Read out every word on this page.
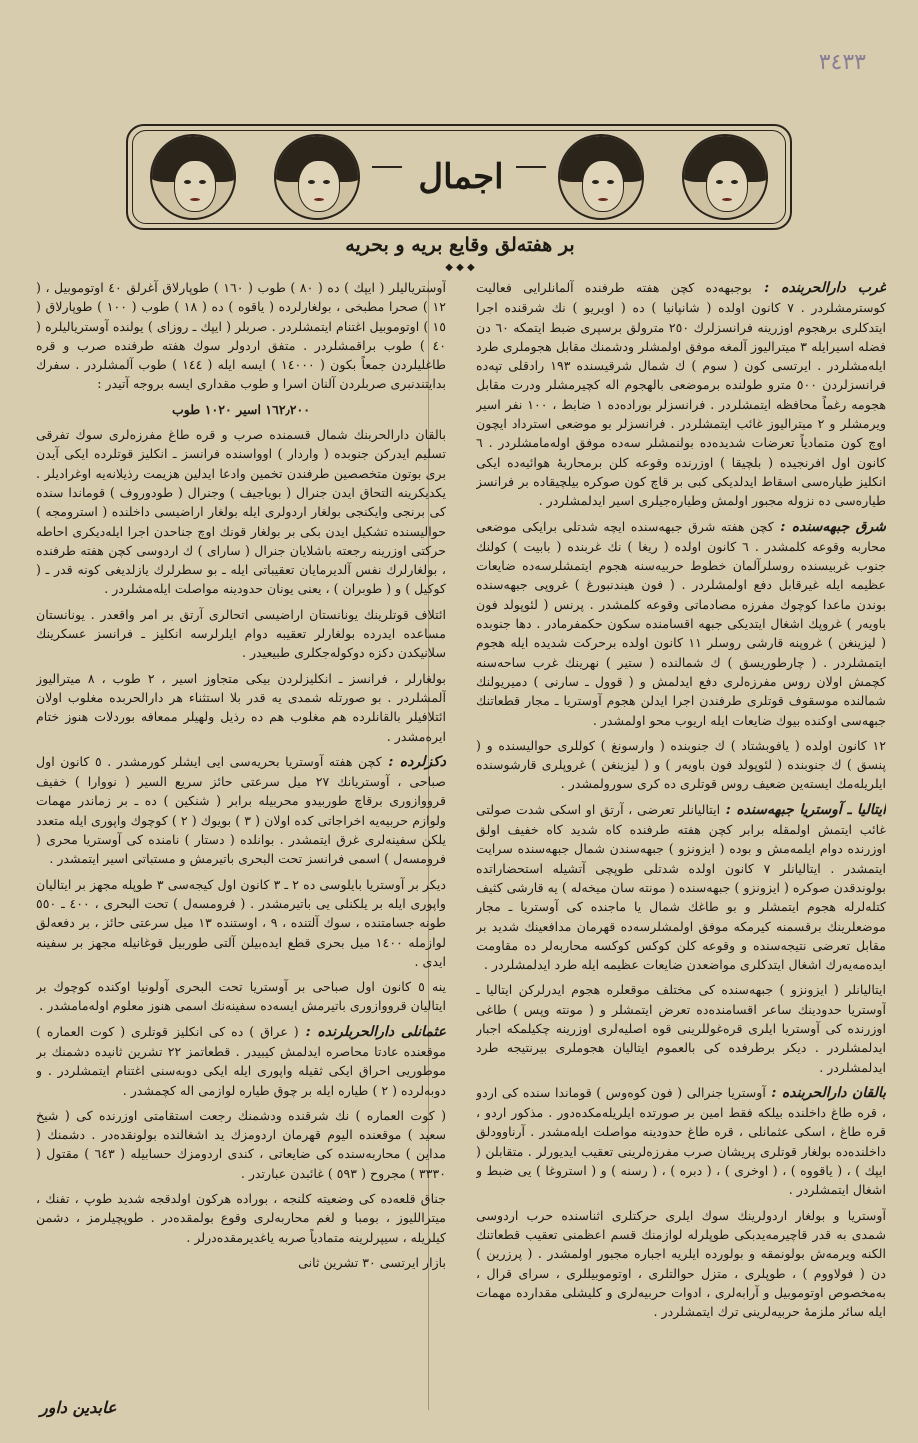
٣٤٣٣
اجمال
بر هفته‌لق وقايع بريه و بحريه
◆ ◆ ◆

غرب دارالحربنده : بوجبهه‌ده كچن هفته طرفنده آلمانلرايى فعاليت كوسترمشلردر . ٧ كانون اولده ( شانپانيا ) ده ( اوبريو ) نك شرقنده اجرا ايتدكلرى برهجوم اوزرينه فرانسزلرك ٢٥٠ مترولق برسپرى ضبط ايتمكه ٦٠ دن فضله اسيرايله ٣ ميتراليوز آلمغه موفق اولمشلر ودشمنك مقابل هجوملرى طرد ايله‌مشلردر . ايرتسى كون ( سوم ) ك شمال شرقيسنده ١٩٣ رادقلى تپه‌ده فرانسزلردن ٥٠٠ مترو طولنده برموضعى بالهجوم اله كچيرمشلر ودرت مقابل هجومه رغماً محافظه ايتمشلردر . فرانسزلر بوراده‌ده ١ ضابط ، ١٠٠ نفر اسير ويرمشلر و ٢ ميتراليوز غائب ايتمشلردر . فرانسزلر بو موضعى استرداد ايچون اوچ كون متمادياً تعرضات شديده‌ده بولنمشلر سه‌ده موفق اوله‌مامشلردر . ٦ كانون اول افرنجيده ( بلچيقا ) اوزرنده وقوعه كلن برمحاربهٔ هوائيه‌ده ايكى انكليز طياره‌سى اسقاط ايدلديكى كبى بر قاچ كون صوكره بيلچيقاده بر فرانسز طياره‌سى ده نزوله مجبور اولمش وطياره‌جيلرى اسير ايدلمشلردر .

شرق جبهه‌سنده : كچن هفته شرق جبهه‌سنده ايچه شدتلى برايكى موضعى محاربه وقوعه كلمشدر . ٦ كانون اولده ( ريغا ) نك غربنده ( بابيت ) كولنك جنوب غربيسنده روسلرآلمان خطوط حربيه‌سنه هجوم ايتمشلرسه‌ده ضايعات عظيمه ايله غيرقابل دفع اولمشلردر . ( فون هيندنبورغ ) غروپى جبهه‌سنده بوندن ماعدا كوچوك مفرزه مصادماتى وقوعه كلمشدر . پرنس ( لئوپولد فون باويه‌ر ) غروپك اشغال ايتديكى جبهه اقسامنده سكون حكمفرمادر . دها جنوبده ( ليزينغن ) غروپنه قارشى روسلر ١١ كانون اولده برحركت شديده ايله هجوم ايتمشلردر . ( چارطوريسق ) ك شمالنده ( ستير ) نهرينك غرب ساحه‌سنه كچمش اولان روس مفرزه‌لرى دفع ايدلمش و ( قوول ـ سارنى ) دميريولنك شمالنده موسقوف قوتلرى طرفندن اجرا ايدلن هجوم آوستريا ـ مجار قطعاتنك جبهه‌سى اوكنده بيوك ضايعات ايله اريوب محو اولمشدر .

١٢ كانون اولده ( يافوبشتاد ) ك جنوبنده ( وارسونغ ) كوللرى حواليسنده و ( پنسق ) ك جنوبنده ( لئوپولد فون باويه‌ر ) و ( ليزينغن ) غروپلرى قارشوسنده ايلريله‌مك ايسته‌ين ضعيف روس قوتلرى ده كرى سورولمشدر .

ايتاليا ـ آوستريا جبهه‌سنده : ايتاليانلر تعرضى ، آرتق او اسكى شدت صولتى غائب ايتمش اولمقله برابر كچن هفته طرفنده كاه شديد كاه خفيف اولق اوزرنده دوام ايلمه‌مش و بوده ( ايزونزو ) جبهه‌سندن شمال جبهه‌سنده سرايت ايتمشدر . ايتاليانلر ٧ كانون اولده شدتلى طوپچى آتشيله استحضاراتده بولوندقدن صوكره ( ايزونزو ) جبهه‌سنده ( مونته سان ميخه‌له ) يه قارشى كثيف كتله‌لرله هجوم ايتمشلر و بو طاغك شمال يا ماجنده كى آوستريا ـ مجار موضعلرينك برقسمنه كيرمكه موفق اولمشلرسه‌ده قهرمان مدافعينك شديد بر مقابل تعرضى نتيجه‌سنده و وقوعه كلن كوكس كوكسه محاربه‌لر ده مقاومت ايده‌مه‌يه‌رك اشغال ايتدكلرى مواضعدن ضايعات عظيمه ايله طرد ايدلمشلردر .

ايتاليانلر ( ايزونزو ) جبهه‌سنده كى مختلف موقعلره هجوم ايدرلركن ايتاليا ـ آوستريا حدودينك ساعر اقسامنده‌ده تعرض ايتمشلر و ( مونته وپس ) طاغى اوزرنده كى آوستريا ايلرى قره‌غوللرينى قوه اصليه‌لرى اوزرينه چكيلمكه اجبار ايدلمشلردر . ديكر برطرفده كى بالعموم ايتاليان هجوملرى بيرنتيجه طرد ايدلمشلردر .

بالقان دارالحربنده : آوستريا جنرالى ( فون كوه‌وس ) قوماندا سنده كى اردو ، قره طاغ داخلنده بيلكه فقط امين بر صورتده ايلريله‌مكده‌دور . مذكور اردو ، قره طاغ ، اسكى عثمانلى ، قره طاغ حدودينه مواصلت ايله‌مشدر . آرناوودلق داخلنده‌ده بولغار قوتلرى پريشان صرب مفرزه‌لرينى تعقيب ايديورلر . متقابلن ( ايپك ) ، ( ياقووه ) ، ( اوخرى ) ، ( دبره ) ، ( رسنه ) و ( استروغا ) يى ضبط و اشغال ايتمشلردر .

آوستريا و بولغار اردولرينك سوك ايلرى حركتلرى اثناسنده حرب اردوسى شمدى به قدر قاچيرمه‌يدبكى طوپلرله لوازمنك قسم اعظمنى تعقيب قطعاتنك الكنه ويرمه‌ش بولونمقه و بولورده ايلريه اجباره مجبور اولمشدر . ( پرزرين ) دن ( فولاووم ) ، طوپلرى ، متزل حوالتلرى ، اوتوموبيللرى ، سراى قرال ، به‌مخصوص اوتوموبيل و آرابه‌لرى ، ادوات حربيه‌لرى و كليشلى مقدارده مهمات ايله سائر ملزمهٔ حربيه‌لرينى ترك ايتمشلردر .

آوسترياليلر ( ايپك ) ده ( ٨٠ ) طوب ( ١٦٠ ) طوپارلاق آغرلق ٤٠ اوتوموبيل ، ( ١٢ ) صحرا مطبخى ، بولغارلرده ( ياقوه ) ده ( ١٨ ) طوب ( ١٠٠ ) طوپارلاق ( ١٥ ) اوتوموبيل اغتنام ايتمشلردر . صربلر ( ايپك ـ روزاى ) يولنده آوسترياليلره ( ٤٠ ) طوب براقمشلردر . متفق اردولر سوك هفته طرفنده صرب و قره طاغليلردن جمعاً بكون ( ١٤٠٠٠ ) ايسه ايله ( ١٤٤ ) طوب آلمشلردر . سفرك بدايتندنبرى صربلردن آلنان اسرا و طوب مقدارى ايسه بروجه آتيدر :

١٦٢٫٢٠٠ اسير ١٠٢٠ طوب

بالقان دارالحربنك شمال قسمنده صرب و قره طاغ مفرزه‌لرى سوك تفرقى تسليم ايدركن جنوبده ( واردار ) اوواسنده فرانسز ـ انكليز قوتلرده ايكى آيدن برى بوتون متخصصين طرفندن تخمين وادعا ايدلين هزيمت رذيلانه‌يه اوغراديلر . يكديكرينه التحاق ايدن جنرال ( بوياجيف ) وجنرال ( طودوروف ) قوماندا سنده كى برنجى وايكنجى بولغار اردولرى ايله بولغار اراضيسى داخلنده ( استرومجه ) حواليسنده تشكيل ايدن بكى بر بولغار قونك اوچ جناحدن اجرا ايله‌ديكرى احاطه حركتى اوزرينه رجعته باشلايان جنرال ( ساراى ) ك اردوسى كچن هفته طرفنده ، بولغارلرك نفس آلديرمايان تعقيباتى ايله ـ بو سطرلرك يازلديغى كونه قدر ـ ( كوكيل ) و ( طوبران ) ، يعنى يونان حدودينه مواصلت ايله‌مشلردر .

ائتلاف قوتلرينك يونانستان اراضيسى اتحالرى آرتق بر امر واقعدر . يونانستان مساعده ايدرده بولغارلر تعقيبه دوام ايلرلرسه انكليز ـ فرانسز عسكرينك سلانيكدن دكزه دوكوله‌جكلرى طبيعيدر .

بولغارلر ، فرانسز ـ انكليزلردن بيكى متجاوز اسير ، ٢ طوب ، ٨ ميتراليوز آلمشلردر . بو صورتله شمدى يه قدر بلا استثناء هر دارالحربده مغلوب اولان ائتلافيلر بالقانلرده هم مغلوب هم ده رذيل ولهيلر ممعافه بوردلات هنوز ختام ايره‌مشدر .

دكزلرده : كچن هفته آوستريا بحريه‌سى ايى ايشلر كورمشدر . ٥ كانون اول صباحى ، آوستريانك ٢٧ ميل سرعتى حائز سريع السير ( نووارا ) خفيف قرووازورى برقاچ طوربيدو محربيله برابر ( شنكين ) ده ـ بر زماندر مهمات ولوازم حربيه‌يه اخراجاتى كده اولان ( ٣ ) بويوك ( ٢ ) كوچوك واپورى ايله متعدد يلكن سفينه‌لرى غرق ايتمشدر . بوانلده ( دستار ) نامنده كى آوستريا محرى ( فرومسه‌ل ) اسمى فرانسز تحت البحرى باتيرمش و مستباتى اسير ايتمشدر .

ديكر بر آوستريا بايلوسى ده ٢ ـ ٣ كانون اول كيجه‌سى ٣ طوپله مجهز بر ايتاليان واپورى ايله بر يلكنلى يى باتيرمشدر . ( فرومسه‌ل ) تحت البحرى ، ٤٠٠ ـ ٥٥٠ طونه جسامتنده ، سوك آلتنده ، ٩ ، اوستنده ١٣ ميل سرعتى حائز ، بر دفعه‌لق لوازمله ١٤٠٠ ميل بحرى قطع ايده‌بيلن آلتى طوربيل قوغانيله مجهز بر سفينه ايدى .

ينه ٥ كانون اول صباحى بر آوستريا تحت البحرى آولونيا اوكنده كوچوك بر ايتاليان قرووازورى باتيرمش ايسه‌ده سفينه‌نك اسمى هنوز معلوم اوله‌مامشدر .

عثمانلى دارالحربلرنده : ( عراق ) ده كى انكليز قوتلرى ( كوت العماره ) موقعنده عادتا محاصره ايدلمش كيبيدر . قطعاتمز ٢٢ تشرين ثانيده دشمنك بر موطوريى احراق ايكى ثقيله واپورى ايله ايكى دوبه‌سنى اغتنام ايتمشلردر . و دوبه‌لرده ( ٢ ) طياره ايله بر چوق طياره لوازمى اله كچمشدر .

( كوت العماره ) نك شرقنده ودشمنك رجعت استقامتى اوزرنده كى ( شيخ سعيد ) موقعنده اليوم قهرمان اردومزك يد اشغالنده بولونقده‌در . دشمنك ( مداين ) محاربه‌سنده كى ضايعاتى ، كندى اردومزك حسابيله ( ٦٤٣ ) مقتول ( ٣٣٣٠ ) مجروح ( ٥٩٣ ) غائبدن عبارتدر .

جناق قلعه‌ده كى وضعيته كلنجه ، بوراده هركون اولدقجه شديد طوپ ، تفنك ، ميترالليوز ، بومبا و لغم محاربه‌لرى وقوع بولمقده‌در . طوپچيلرمز ، دشمن كيلريله ، سيپرلرينه متمادياً صربه ياغديرمقده‌درلر .

بازار ايرتسى ٣٠ تشرين ثانى

عابدين داور
